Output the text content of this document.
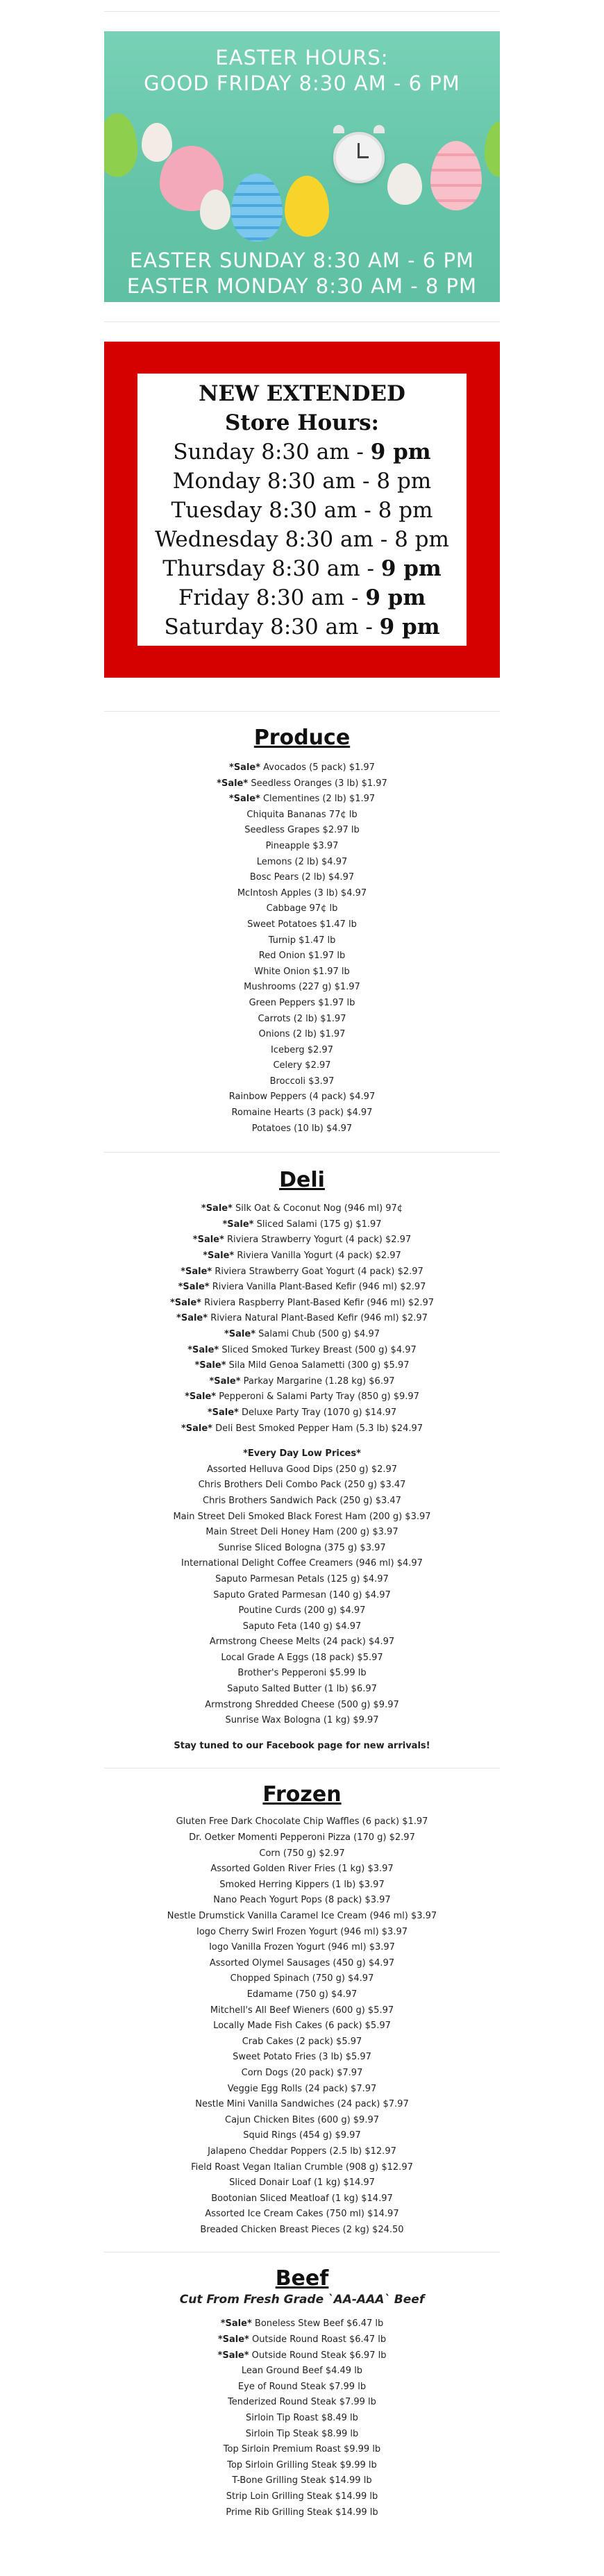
EASTER HOURS:
GOOD FRIDAY 8:30 AM - 6 PM
EASTER SUNDAY 8:30 AM - 6 PM
EASTER MONDAY 8:30 AM - 8 PM
NEW EXTENDED
Store Hours:
Sunday 8:30 am - 9 pm
Monday 8:30 am - 8 pm
Tuesday 8:30 am - 8 pm
Wednesday 8:30 am - 8 pm
Thursday 8:30 am - 9 pm
Friday 8:30 am - 9 pm
Saturday 8:30 am - 9 pm
Produce
*Sale* Avocados (5 pack) $1.97
*Sale* Seedless Oranges (3 lb) $1.97
*Sale* Clementines (2 lb) $1.97
Chiquita Bananas 77¢ lb
Seedless Grapes $2.97 lb
Pineapple $3.97
Lemons (2 lb) $4.97
Bosc Pears (2 lb) $4.97
McIntosh Apples (3 lb) $4.97
Cabbage 97¢ lb
Sweet Potatoes $1.47 lb
Turnip $1.47 lb
Red Onion $1.97 lb
White Onion $1.97 lb
Mushrooms (227 g) $1.97
Green Peppers $1.97 lb
Carrots (2 lb) $1.97
Onions (2 lb) $1.97
Iceberg $2.97
Celery $2.97
Broccoli $3.97
Rainbow Peppers (4 pack) $4.97
Romaine Hearts (3 pack) $4.97
Potatoes (10 lb) $4.97
Deli
*Sale* Silk Oat & Coconut Nog (946 ml) 97¢
*Sale* Sliced Salami (175 g) $1.97
*Sale* Riviera Strawberry Yogurt (4 pack) $2.97
*Sale* Riviera Vanilla Yogurt (4 pack) $2.97
*Sale* Riviera Strawberry Goat Yogurt (4 pack) $2.97
*Sale* Riviera Vanilla Plant-Based Kefir (946 ml) $2.97
*Sale* Riviera Raspberry Plant-Based Kefir (946 ml) $2.97
*Sale* Riviera Natural Plant-Based Kefir (946 ml) $2.97
*Sale* Salami Chub (500 g) $4.97
*Sale* Sliced Smoked Turkey Breast (500 g) $4.97
*Sale* Sila Mild Genoa Salametti (300 g) $5.97
*Sale* Parkay Margarine (1.28 kg) $6.97
*Sale* Pepperoni & Salami Party Tray (850 g) $9.97
*Sale* Deluxe Party Tray (1070 g) $14.97
*Sale* Deli Best Smoked Pepper Ham (5.3 lb) $24.97
*Every Day Low Prices*
Assorted Helluva Good Dips (250 g) $2.97
Chris Brothers Deli Combo Pack (250 g) $3.47
Chris Brothers Sandwich Pack (250 g) $3.47
Main Street Deli Smoked Black Forest Ham (200 g) $3.97
Main Street Deli Honey Ham (200 g) $3.97
Sunrise Sliced Bologna (375 g) $3.97
International Delight Coffee Creamers (946 ml) $4.97
Saputo Parmesan Petals (125 g) $4.97
Saputo Grated Parmesan (140 g) $4.97
Poutine Curds (200 g) $4.97
Saputo Feta (140 g) $4.97
Armstrong Cheese Melts (24 pack) $4.97
Local Grade A Eggs (18 pack) $5.97
Brother's Pepperoni $5.99 lb
Saputo Salted Butter (1 lb) $6.97
Armstrong Shredded Cheese (500 g) $9.97
Sunrise Wax Bologna (1 kg) $9.97
Stay tuned to our Facebook page for new arrivals!
Frozen
Gluten Free Dark Chocolate Chip Waffles (6 pack) $1.97
Dr. Oetker Momenti Pepperoni Pizza (170 g) $2.97
Corn (750 g) $2.97
Assorted Golden River Fries (1 kg) $3.97
Smoked Herring Kippers (1 lb) $3.97
Nano Peach Yogurt Pops (8 pack) $3.97
Nestle Drumstick Vanilla Caramel Ice Cream (946 ml) $3.97
Iogo Cherry Swirl Frozen Yogurt (946 ml) $3.97
Iogo Vanilla Frozen Yogurt (946 ml) $3.97
Assorted Olymel Sausages (450 g) $4.97
Chopped Spinach (750 g) $4.97
Edamame (750 g) $4.97
Mitchell's All Beef Wieners (600 g) $5.97
Locally Made Fish Cakes (6 pack) $5.97
Crab Cakes (2 pack) $5.97
Sweet Potato Fries (3 lb) $5.97
Corn Dogs (20 pack) $7.97
Veggie Egg Rolls (24 pack) $7.97
Nestle Mini Vanilla Sandwiches (24 pack) $7.97
Cajun Chicken Bites (600 g) $9.97
Squid Rings (454 g) $9.97
Jalapeno Cheddar Poppers (2.5 lb) $12.97
Field Roast Vegan Italian Crumble (908 g) $12.97
Sliced Donair Loaf (1 kg) $14.97
Bootonian Sliced Meatloaf (1 kg) $14.97
Assorted Ice Cream Cakes (750 ml) $14.97
Breaded Chicken Breast Pieces (2 kg) $24.50
Beef
Cut From Fresh Grade `AA-AAA` Beef
*Sale* Boneless Stew Beef $6.47 lb
*Sale* Outside Round Roast $6.47 lb
*Sale* Outside Round Steak $6.97 lb
Lean Ground Beef $4.49 lb
Eye of Round Steak $7.99 lb
Tenderized Round Steak $7.99 lb
Sirloin Tip Roast $8.49 lb
Sirloin Tip Steak $8.99 lb
Top Sirloin Premium Roast $9.99 lb
Top Sirloin Grilling Steak $9.99 lb
T-Bone Grilling Steak $14.99 lb
Strip Loin Grilling Steak $14.99 lb
Prime Rib Grilling Steak $14.99 lb
